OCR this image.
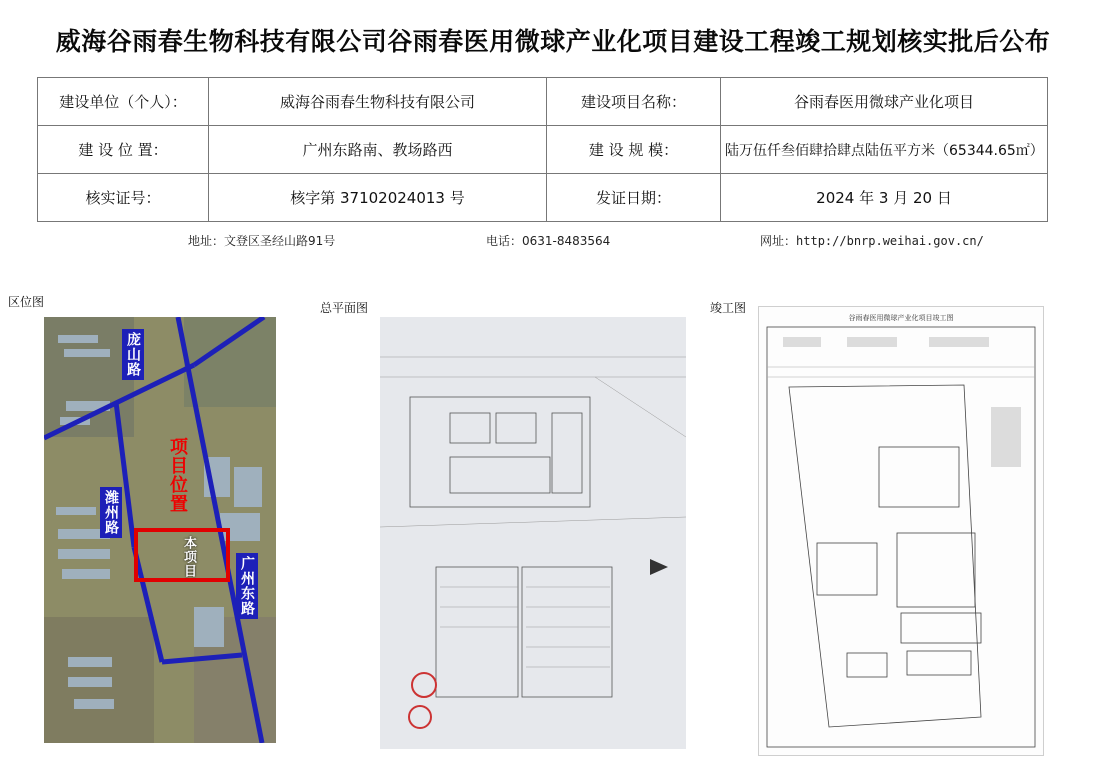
威海谷雨春生物科技有限公司谷雨春医用微球产业化项目建设工程竣工规划核实批后公布
建设单位（个人）：	威海谷雨春生物科技有限公司	建设项目名称：	谷雨春医用微球产业化项目
建 设 位 置：	广州东路南、教场路西	建 设 规 模：	陆万伍仟叁佰肆拾肆点陆伍平方米（65344.65㎡）
核实证号：	核字第 37102024013 号	发证日期：	2024 年 3 月 20 日
地址：文登区圣经山路91号	电话：0631-8483564	网址：http://bnrp.weihai.gov.cn/
区位图	总平面图	竣工图
庞山路
潍州路
广州东路
项目位置
本项目
谷雨春医用微球产业化项目竣工图
